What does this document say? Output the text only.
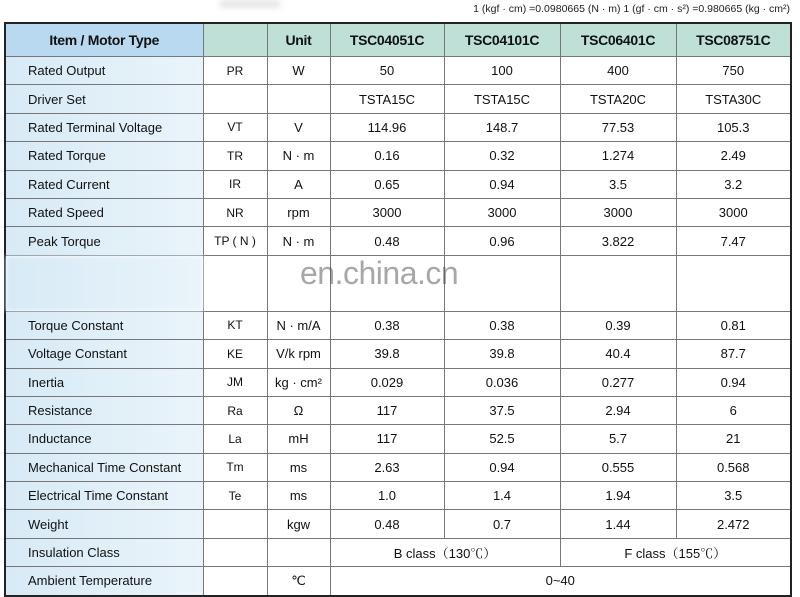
1 (kgf · cm) =0.0980665 (N · m) 1 (gf · cm · s²) =0.980665 (kg · cm²)
Item / Motor Type		Unit	TSC04051C	TSC04101C	TSC06401C	TSC08751C
Rated Output	PR	W	50	100	400	750
Driver Set			TSTA15C	TSTA15C	TSTA20C	TSTA30C
Rated Terminal Voltage	VT	V	114.96	148.7	77.53	105.3
Rated Torque	TR	N · m	0.16	0.32	1.274	2.49
Rated Current	IR	A	0.65	0.94	3.5	3.2
Rated Speed	NR	rpm	3000	3000	3000	3000
Peak Torque	TP ( N )	N · m	0.48	0.96	3.822	7.47

Torque Constant	KT	N · m/A	0.38	0.38	0.39	0.81
Voltage Constant	KE	V/k rpm	39.8	39.8	40.4	87.7
Inertia	JM	kg · cm²	0.029	0.036	0.277	0.94
Resistance	Ra	Ω	117	37.5	2.94	6
Inductance	La	mH	117	52.5	5.7	21
Mechanical Time Constant	Tm	ms	2.63	0.94	0.555	0.568
Electrical Time Constant	Te	ms	1.0	1.4	1.94	3.5
Weight		kgw	0.48	0.7	1.44	2.472
Insulation Class			B class（130℃）		F class（155℃）	
Ambient Temperature		℃	0~40			
en.china.cn
